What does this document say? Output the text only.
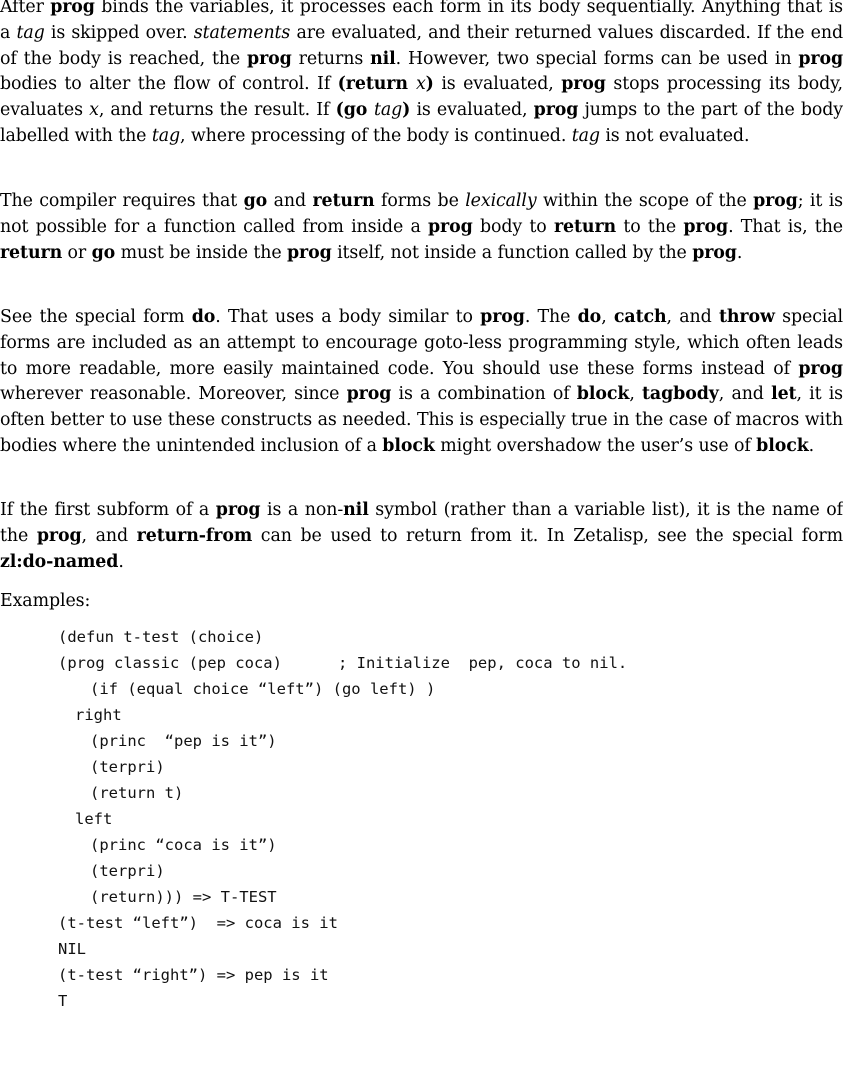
After prog binds the variables, it processes each form in its body sequentially. Anything that is a tag is skipped over. statements are evaluated, and their returned values discarded. If the end of the body is reached, the prog returns nil. However, two special forms can be used in prog bodies to alter the flow of control. If (return x) is evaluated, prog stops processing its body, evaluates x, and returns the result. If (go tag) is evaluated, prog jumps to the part of the body labelled with the tag, where processing of the body is continued. tag is not evaluated.

The compiler requires that go and return forms be lexically within the scope of the prog; it is not possible for a function called from inside a prog body to return to the prog. That is, the return or go must be inside the prog itself, not inside a function called by the prog.

See the special form do. That uses a body similar to prog. The do, catch, and throw special forms are included as an attempt to encourage goto-less programming style, which often leads to more readable, more easily maintained code. You should use these forms instead of prog wherever reasonable. Moreover, since prog is a combination of block, tagbody, and let, it is often better to use these constructs as needed. This is especially true in the case of macros with bodies where the unintended inclusion of a block might overshadow the user’s use of block.

If the first subform of a prog is a non-nil symbol (rather than a variable list), it is the name of the prog, and return-from can be used to return from it. In Zetalisp, see the special form zl:do-named.

Examples:

(defun t-test (choice)

(prog classic (pep coca)      ; Initialize  pep, coca to nil.

(if (equal choice “left”) (go left) )

right

(princ  “pep is it”)

(terpri)

(return t)

left

(princ “coca is it”)

(terpri)

(return))) => T-TEST

(t-test “left”)  => coca is it

NIL

(t-test “right”) => pep is it

T
